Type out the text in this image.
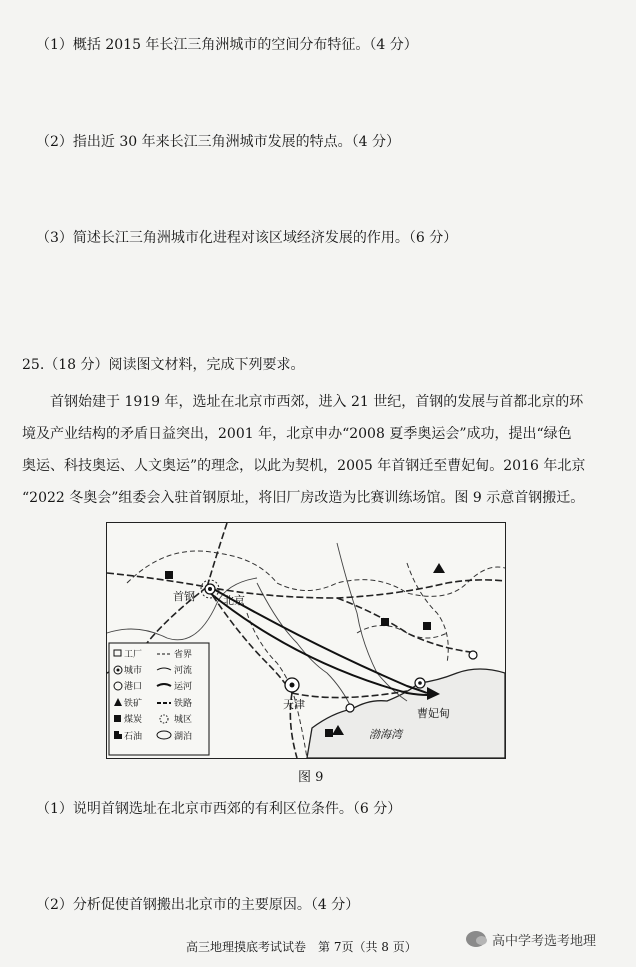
（1）概括 2015 年长江三角洲城市的空间分布特征。（4 分）
（2）指出近 30 年来长江三角洲城市发展的特点。（4 分）
（3）简述长江三角洲城市化进程对该区域经济发展的作用。（6 分）
25.（18 分）阅读图文材料，完成下列要求。
首钢始建于 1919 年，选址在北京市西郊，进入 21 世纪，首钢的发展与首都北京的环
境及产业结构的矛盾日益突出，2001 年，北京申办“2008 夏季奥运会”成功，提出“绿色
奥运、科技奥运、人文奥运”的理念，以此为契机，2005 年首钢迁至曹妃甸。2016 年北京
“2022 冬奥会”组委会入驻首钢原址，将旧厂房改造为比赛训练场馆。图 9 示意首钢搬迁。
首钢	北京
天津
曹妃甸
渤海湾
工厂	省界
城市	河流
港口	运河
铁矿	铁路
煤炭	城区
石油	湖泊
图 9
（1）说明首钢选址在北京市西郊的有利区位条件。（6 分）
（2）分析促使首钢搬出北京市的主要原因。（4 分）
高三地理摸底考试试卷　第 7页（共 8 页）	高中学考选考地理
